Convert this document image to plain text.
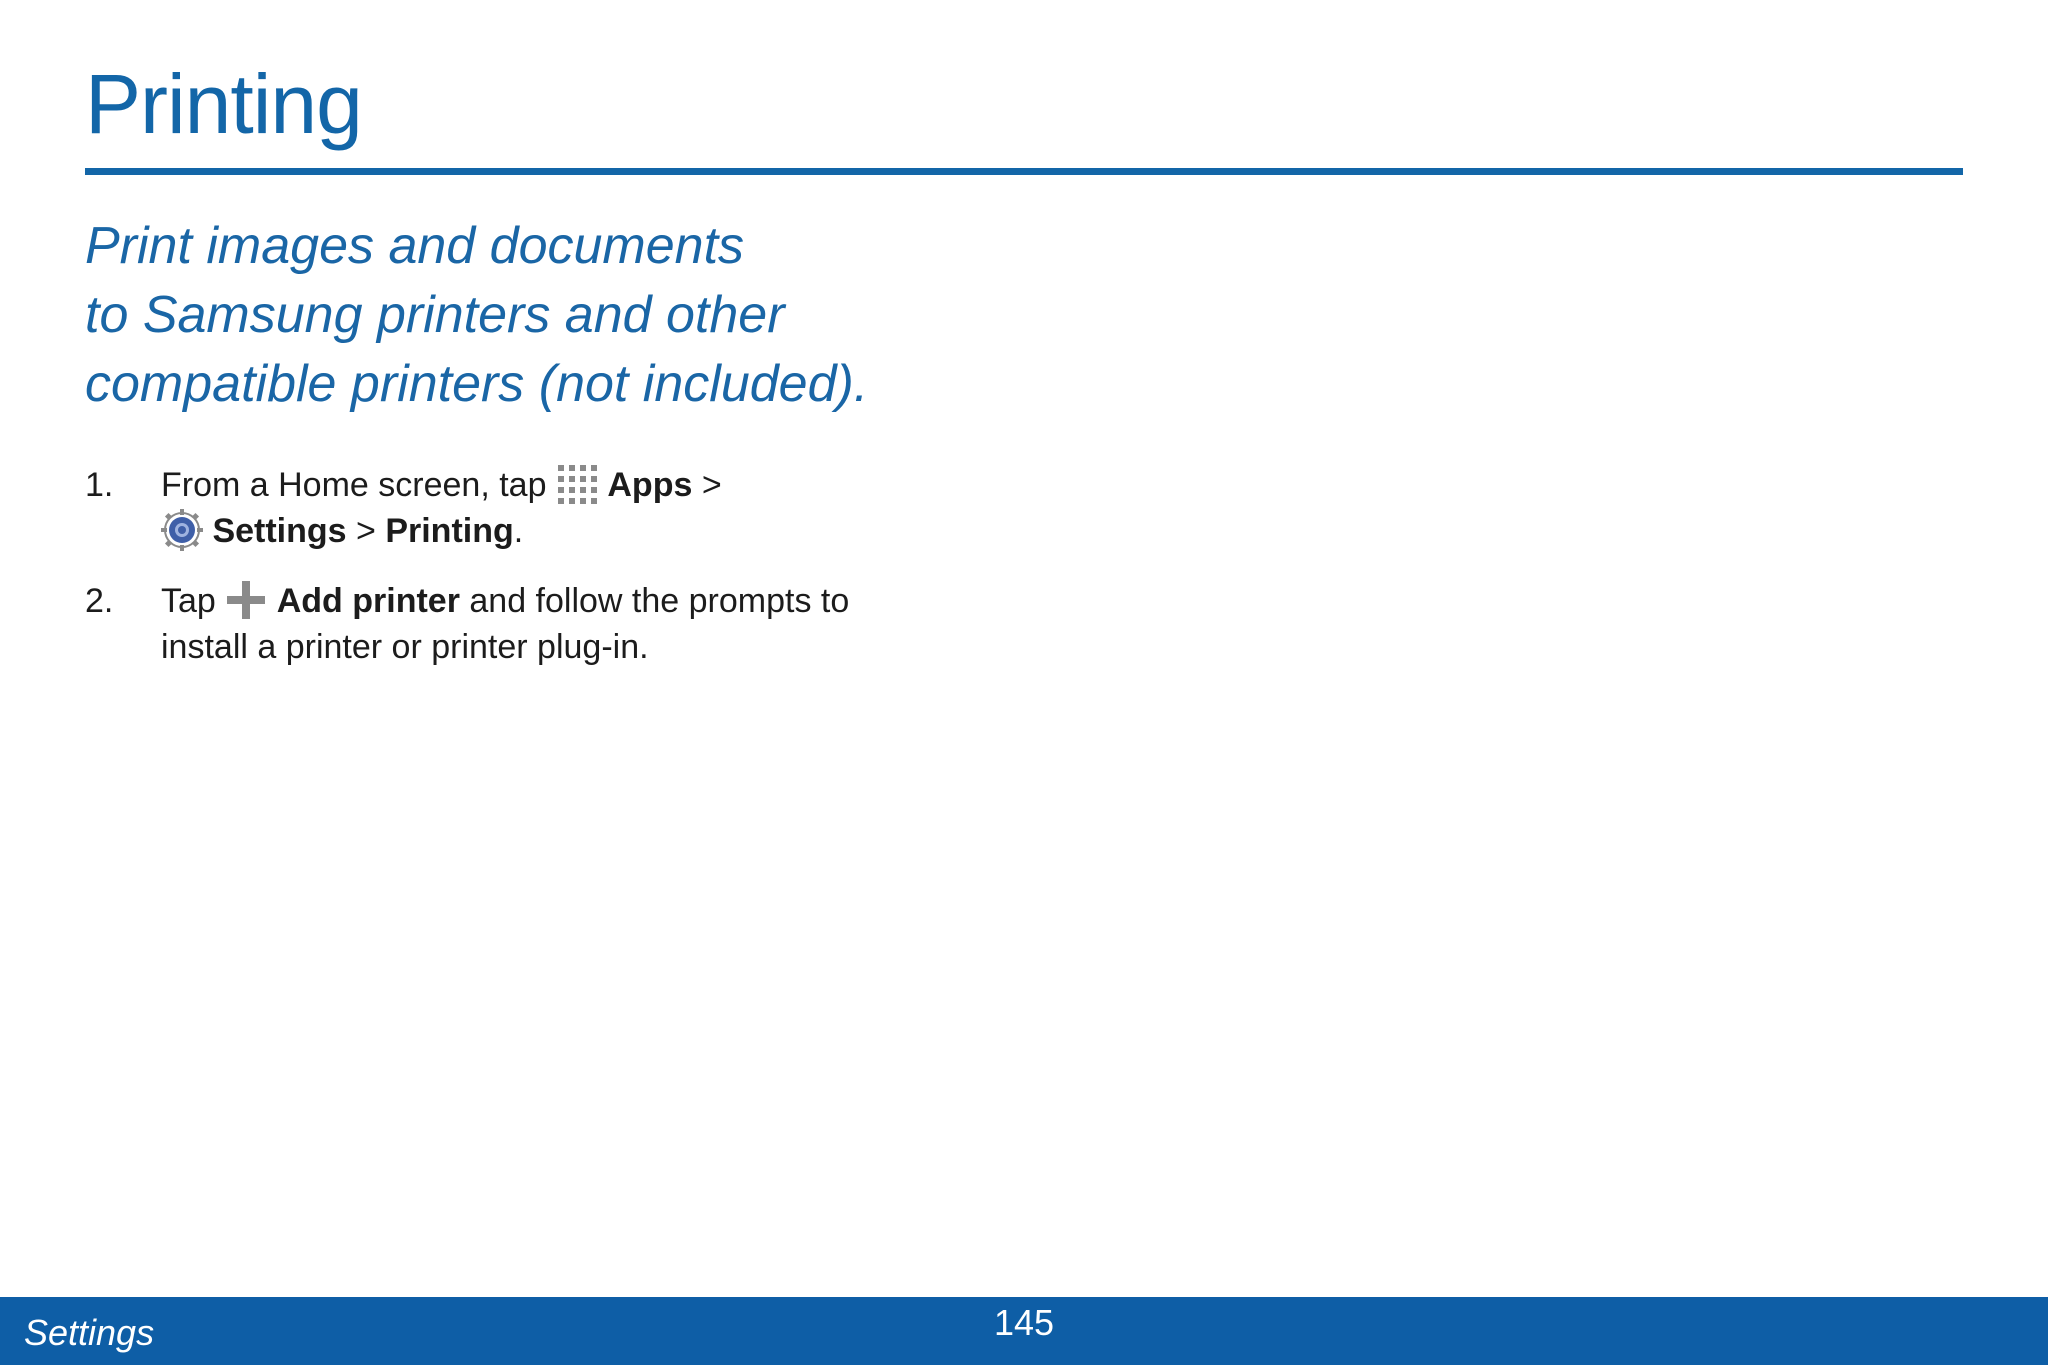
Printing

Print images and documents
to Samsung printers and other
compatible printers (not included).

1. From a Home screen, tap
Apps >
Settings > Printing.
2. Tap
Add printer and follow the prompts to
install a printer or printer plug-in.
Settings	145
